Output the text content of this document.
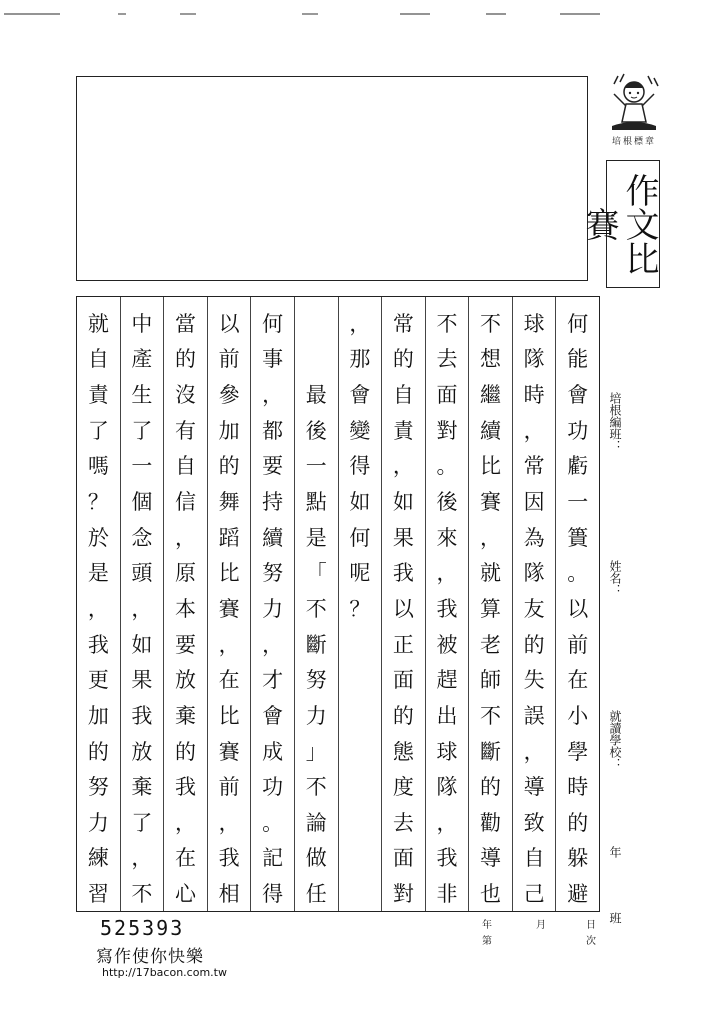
培根標章
作文比賽
培根編班：
姓名：
就讀學校：
年
班
何
能
會
功
虧
一
簣
。
以
前
在
小
學
時
的
躲
避
球
隊
時
，
常
因
為
隊
友
的
失
誤
，
導
致
自
己
不
想
繼
續
比
賽
，
就
算
老
師
不
斷
的
勸
導
也
不
去
面
對
。
後
來
，
我
被
趕
出
球
隊
，
我
非
常
的
自
責
，
如
果
我
以
正
面
的
態
度
去
面
對
，
那
會
變
得
如
何
呢
？
最
後
一
點
是
「
不
斷
努
力
」
不
論
做
任
何
事
，
都
要
持
續
努
力
，
才
會
成
功
。
記
得
以
前
參
加
的
舞
蹈
比
賽
，
在
比
賽
前
，
我
相
當
的
沒
有
自
信
，
原
本
要
放
棄
的
我
，
在
心
中
產
生
了
一
個
念
頭
，
如
果
我
放
棄
了
，
不
就
自
責
了
嗎
？
於
是
，
我
更
加
的
努
力
練
習
年	月	日
第	次
525393
寫作使你快樂
http://17bacon.com.tw
